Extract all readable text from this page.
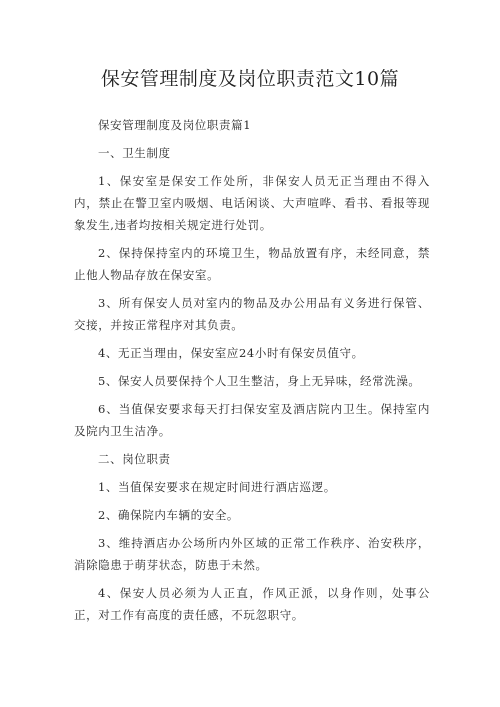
保安管理制度及岗位职责范文10篇

保安管理制度及岗位职责篇1

一、卫生制度

1、保安室是保安工作处所，非保安人员无正当理由不得入内，禁止在警卫室内吸烟、电话闲谈、大声喧哗、看书、看报等现象发生,违者均按相关规定进行处罚。

2、保持保持室内的环境卫生，物品放置有序，未经同意，禁止他人物品存放在保安室。

3、所有保安人员对室内的物品及办公用品有义务进行保管、交接，并按正常程序对其负责。

4、无正当理由，保安室应24小时有保安员值守。

5、保安人员要保持个人卫生整洁，身上无异味，经常洗澡。

6、当值保安要求每天打扫保安室及酒店院内卫生。保持室内及院内卫生洁净。

二、岗位职责

1、当值保安要求在规定时间进行酒店巡逻。

2、确保院内车辆的安全。

3、维持酒店办公场所内外区域的正常工作秩序、治安秩序，消除隐患于萌芽状态，防患于未然。

4、保安人员必须为人正直，作风正派，以身作则，处事公正，对工作有高度的责任感，不玩忽职守。
